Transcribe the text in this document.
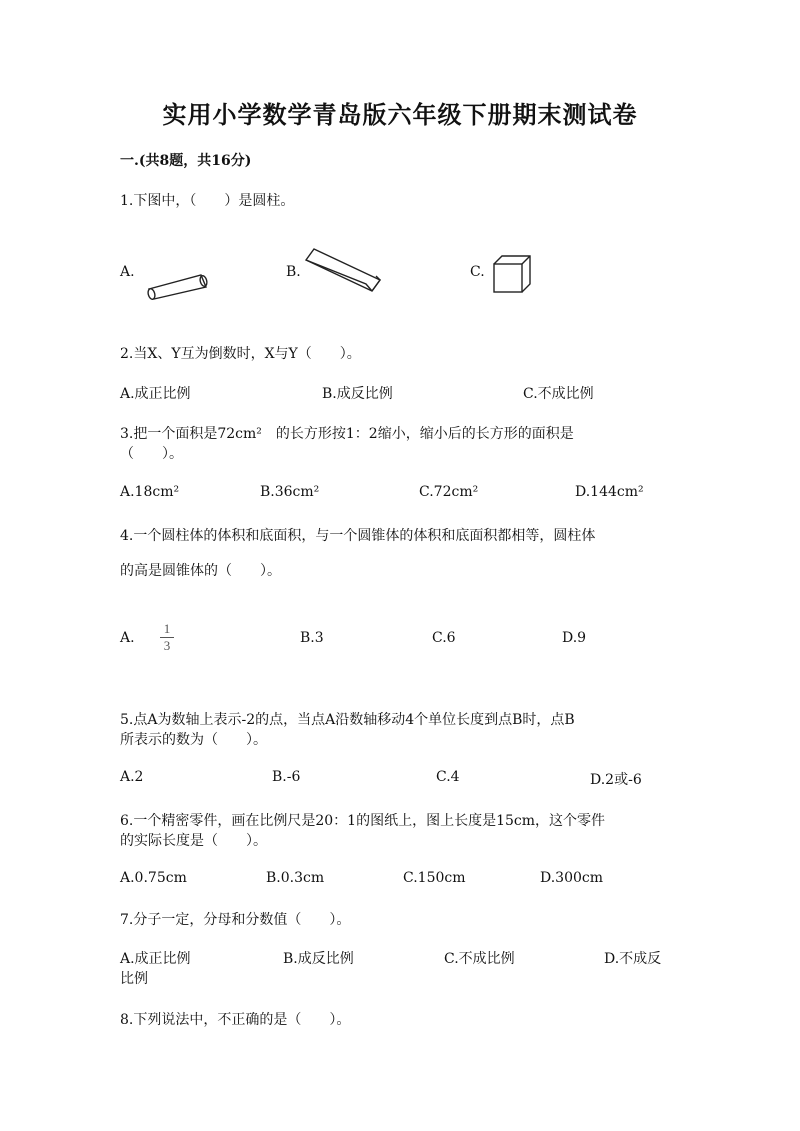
实用小学数学青岛版六年级下册期末测试卷
一.(共8题，共16分)
1.下图中，（　　）是圆柱。
A.	B.	C.
2.当X、Y互为倒数时，X与Y（　　）。
A.成正比例	B.成反比例	C.不成比例
3.把一个面积是72cm²　的长方形按1：2缩小，缩小后的长方形的面积是
（　　）。
A.18cm²	B.36cm²	C.72cm²	D.144cm²
4.一个圆柱体的体积和底面积，与一个圆锥体的体积和底面积都相等，圆柱体
的高是圆锥体的（　　）。
A.
1
3	B.3	C.6	D.9
5.点A为数轴上表示-2的点，当点A沿数轴移动4个单位长度到点B时，点B
所表示的数为（　　）。
A.2	B.-6	C.4	D.2或-6
6.一个精密零件，画在比例尺是20：1的图纸上，图上长度是15cm，这个零件
的实际长度是（　　）。
A.0.75cm	B.0.3cm	C.150cm	D.300cm
7.分子一定，分母和分数值（　　）。
A.成正比例	B.成反比例	C.不成比例	D.不成反
比例
8.下列说法中，不正确的是（　　）。
